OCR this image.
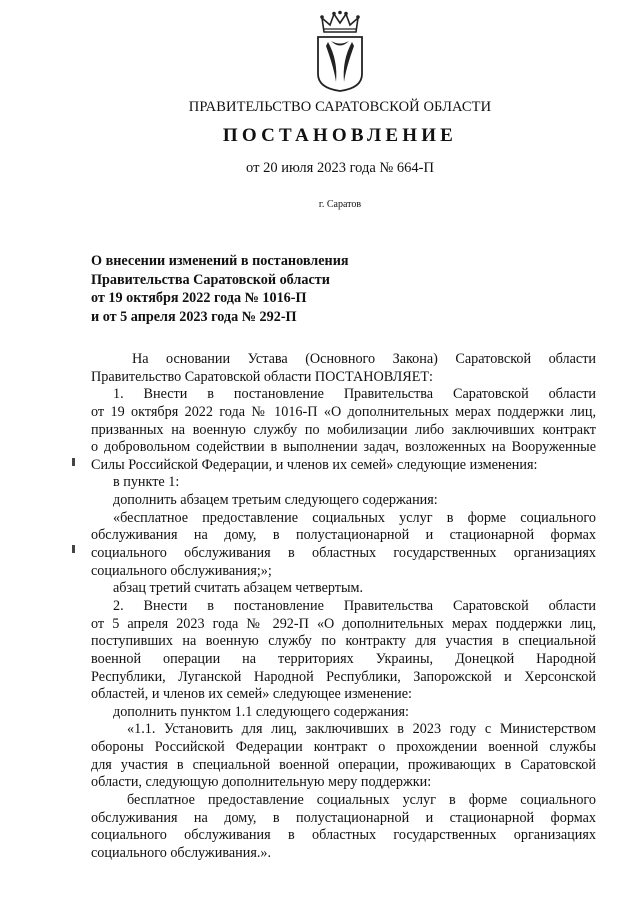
ПРАВИТЕЛЬСТВО САРАТОВСКОЙ ОБЛАСТИ
ПОСТАНОВЛЕНИЕ
от 20 июля 2023 года № 664-П
г. Саратов
О внесении изменений в постановления
Правительства Саратовской области
от 19 октября 2022 года № 1016-П
и от 5 апреля 2023 года № 292-П
На основании Устава (Основного Закона) Саратовской области
Правительство Саратовской области ПОСТАНОВЛЯЕТ:
1. Внести в постановление Правительства Саратовской области
от 19 октября 2022 года № 1016-П «О дополнительных мерах поддержки лиц,
призванных на военную службу по мобилизации либо заключивших контракт
о добровольном содействии в выполнении задач, возложенных на Вооруженные
Силы Российской Федерации, и членов их семей» следующие изменения:
в пункте 1:
дополнить абзацем третьим следующего содержания:
«бесплатное предоставление социальных услуг в форме социального
обслуживания на дому, в полустационарной и стационарной формах
социального обслуживания в областных государственных организациях
социального обслуживания;»;
абзац третий считать абзацем четвертым.
2. Внести в постановление Правительства Саратовской области
от 5 апреля 2023 года № 292-П «О дополнительных мерах поддержки лиц,
поступивших на военную службу по контракту для участия в специальной
военной операции на территориях Украины, Донецкой Народной
Республики, Луганской Народной Республики, Запорожской и Херсонской
областей, и членов их семей» следующее изменение:
дополнить пунктом 1.1 следующего содержания:
«1.1. Установить для лиц, заключивших в 2023 году с Министерством
обороны Российской Федерации контракт о прохождении военной службы
для участия в специальной военной операции, проживающих в Саратовской
области, следующую дополнительную меру поддержки:
бесплатное предоставление социальных услуг в форме социального
обслуживания на дому, в полустационарной и стационарной формах
социального обслуживания в областных государственных организациях
социального обслуживания.».
